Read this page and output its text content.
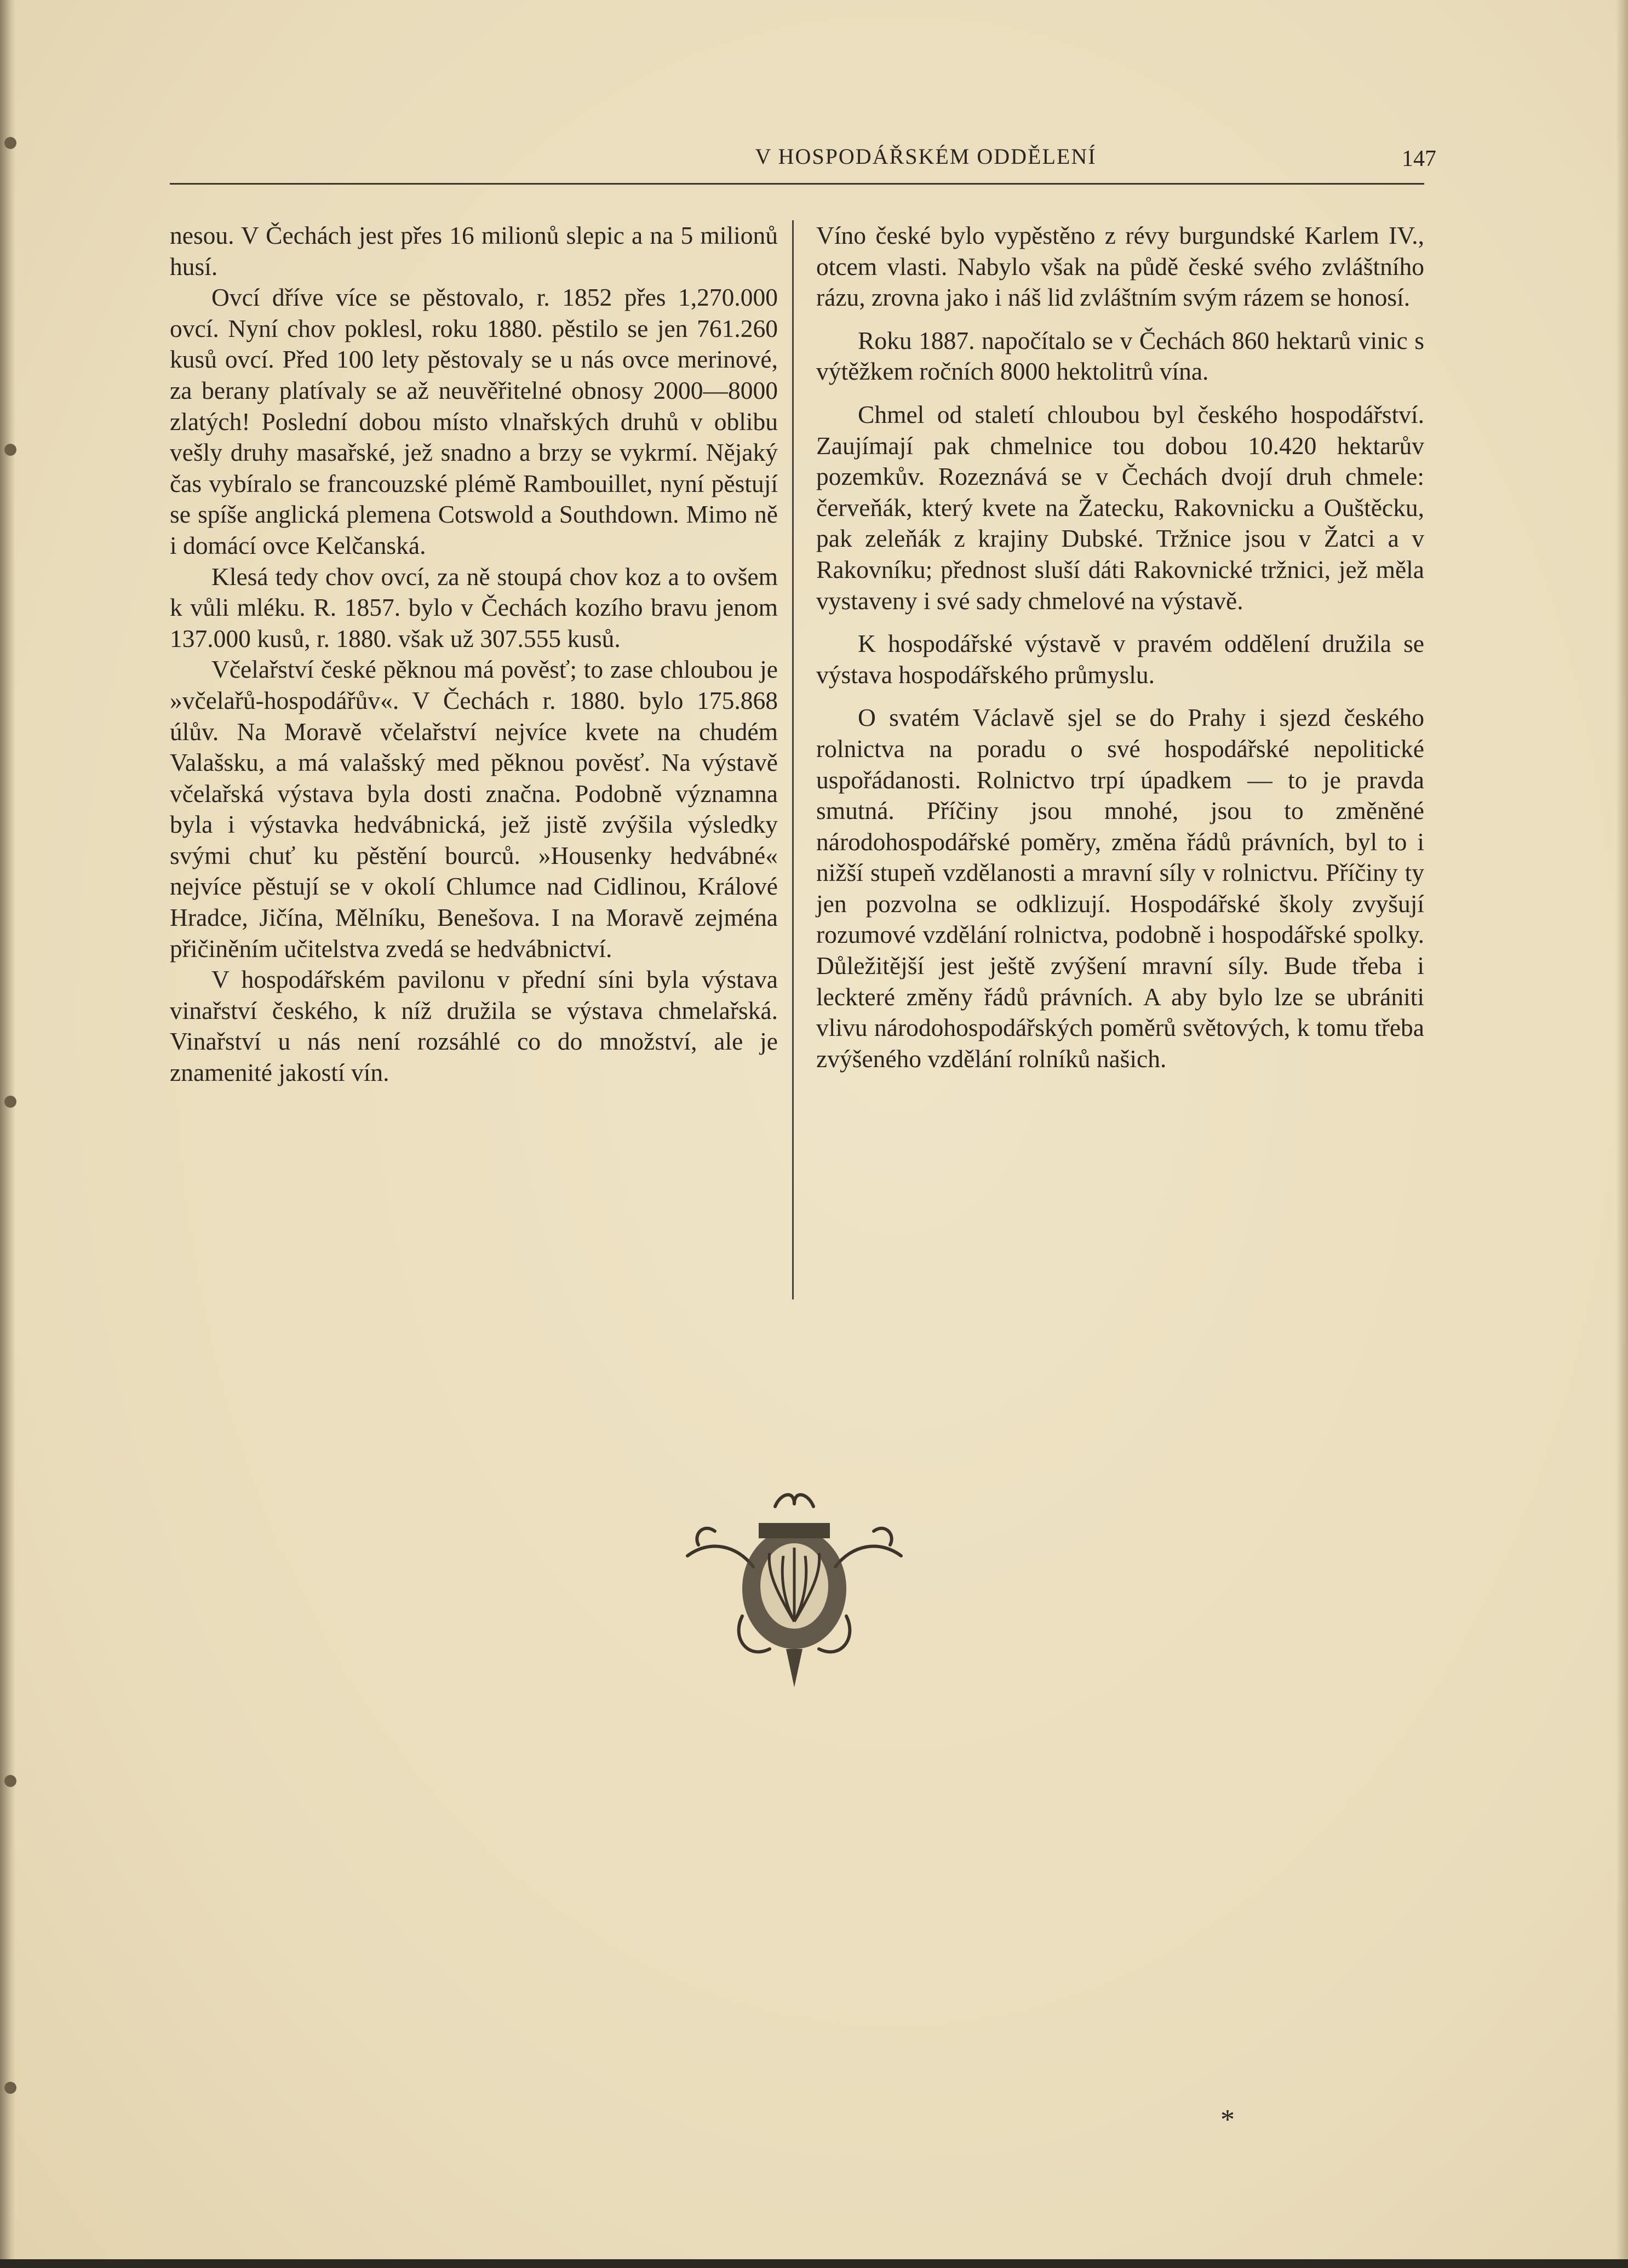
V HOSPODÁŘSKÉM ODDĚLENÍ	147

nesou. V Čechách jest přes 16 milionů slepic a na 5 milionů husí.

Ovcí dříve více se pěstovalo, r. 1852 přes 1,270.000 ovcí. Nyní chov poklesl, roku 1880. pěstilo se jen 761.260 kusů ovcí. Před 100 lety pěstovaly se u nás ovce merinové, za berany platívaly se až neuvěřitelné obnosy 2000—8000 zlatých! Poslední dobou místo vlnařských druhů v oblibu vešly druhy masařské, jež snadno a brzy se vykrmí. Nějaký čas vybíralo se francouzské plémě Rambouillet, nyní pěstují se spíše anglická plemena Cotswold a Southdown. Mimo ně i domácí ovce Kelčanská.

Klesá tedy chov ovcí, za ně stoupá chov koz a to ovšem k vůli mléku. R. 1857. bylo v Čechách kozího bravu jenom 137.000 kusů, r. 1880. však už 307.555 kusů.

Včelařství české pěknou má pověsť; to zase chloubou je »včelařů-hospodářův«. V Čechách r. 1880. bylo 175.868 úlův. Na Moravě včelařství nejvíce kvete na chudém Valašsku, a má valašský med pěknou pověsť. Na výstavě včelařská výstava byla dosti značna. Podobně významna byla i výstavka hedvábnická, jež jistě zvýšila výsledky svými chuť ku pěstění bourců. »Housenky hedvábné« nejvíce pěstují se v okolí Chlumce nad Cidlinou, Králové Hradce, Jičína, Mělníku, Benešova. I na Moravě zejména přičiněním učitelstva zvedá se hedvábnictví.

V hospodářském pavilonu v přední síni byla výstava vinařství českého, k níž družila se výstava chmelařská. Vinařství u nás není rozsáhlé co do množství, ale je znamenité jakostí vín.

Víno české bylo vypěstěno z révy burgundské Karlem IV., otcem vlasti. Nabylo však na půdě české svého zvláštního rázu, zrovna jako i náš lid zvláštním svým rázem se honosí.

Roku 1887. napočítalo se v Čechách 860 hektarů vinic s výtěžkem ročních 8000 hektolitrů vína.

Chmel od staletí chloubou byl českého hospodářství. Zaujímají pak chmelnice tou dobou 10.420 hektarův pozemkův. Rozeznává se v Čechách dvojí druh chmele: červeňák, který kvete na Žatecku, Rakovnicku a Ouštěcku, pak zeleňák z krajiny Dubské. Tržnice jsou v Žatci a v Rakovníku; přednost sluší dáti Rakovnické tržnici, jež měla vystaveny i své sady chmelové na výstavě.

K hospodářské výstavě v pravém oddělení družila se výstava hospodářského průmyslu.

O svatém Václavě sjel se do Prahy i sjezd českého rolnictva na poradu o své hospodářské nepolitické uspořádanosti. Rolnictvo trpí úpadkem — to je pravda smutná. Příčiny jsou mnohé, jsou to změněné národohospodářské poměry, změna řádů právních, byl to i nižší stupeň vzdělanosti a mravní síly v rolnictvu. Příčiny ty jen pozvolna se odklizují. Hospodářské školy zvyšují rozumové vzdělání rolnictva, podobně i hospodářské spolky. Důležitější jest ještě zvýšení mravní síly. Bude třeba i leckteré změny řádů právních. A aby bylo lze se ubrániti vlivu národohospodářských poměrů světových, k tomu třeba zvýšeného vzdělání rolníků našich.

*
